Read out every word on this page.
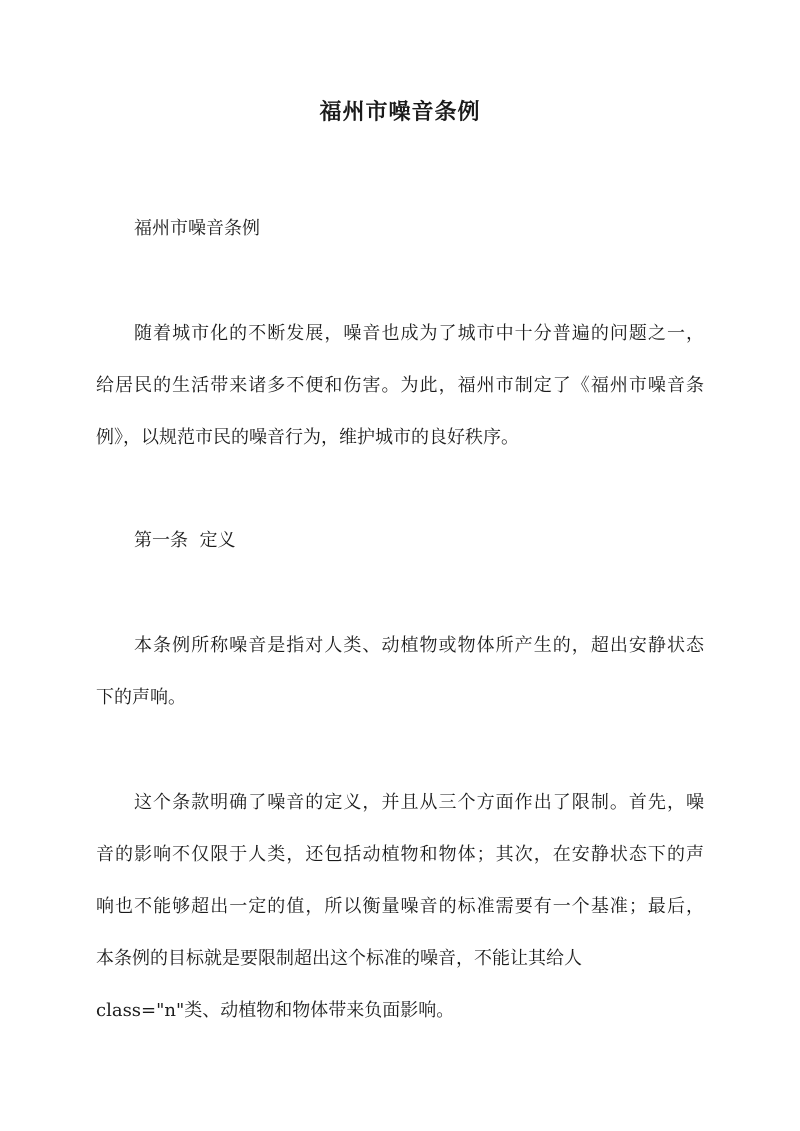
福州市噪音条例

福州市噪音条例

随着城市化的不断发展，噪音也成为了城市中十分普遍的问题之一，

给居民的生活带来诸多不便和伤害。为此，福州市制定了《福州市噪音条

例》，以规范市民的噪音行为，维护城市的良好秩序。

第一条  定义

本条例所称噪音是指对人类、动植物或物体所产生的，超出安静状态

下的声响。

这个条款明确了噪音的定义，并且从三个方面作出了限制。首先，噪

音的影响不仅限于人类，还包括动植物和物体；其次，在安静状态下的声

响也不能够超出一定的值，所以衡量噪音的标准需要有一个基准；最后，

本条例的目标就是要限制超出这个标准的噪音，不能让其给人

class="n"类、动植物和物体带来负面影响。
